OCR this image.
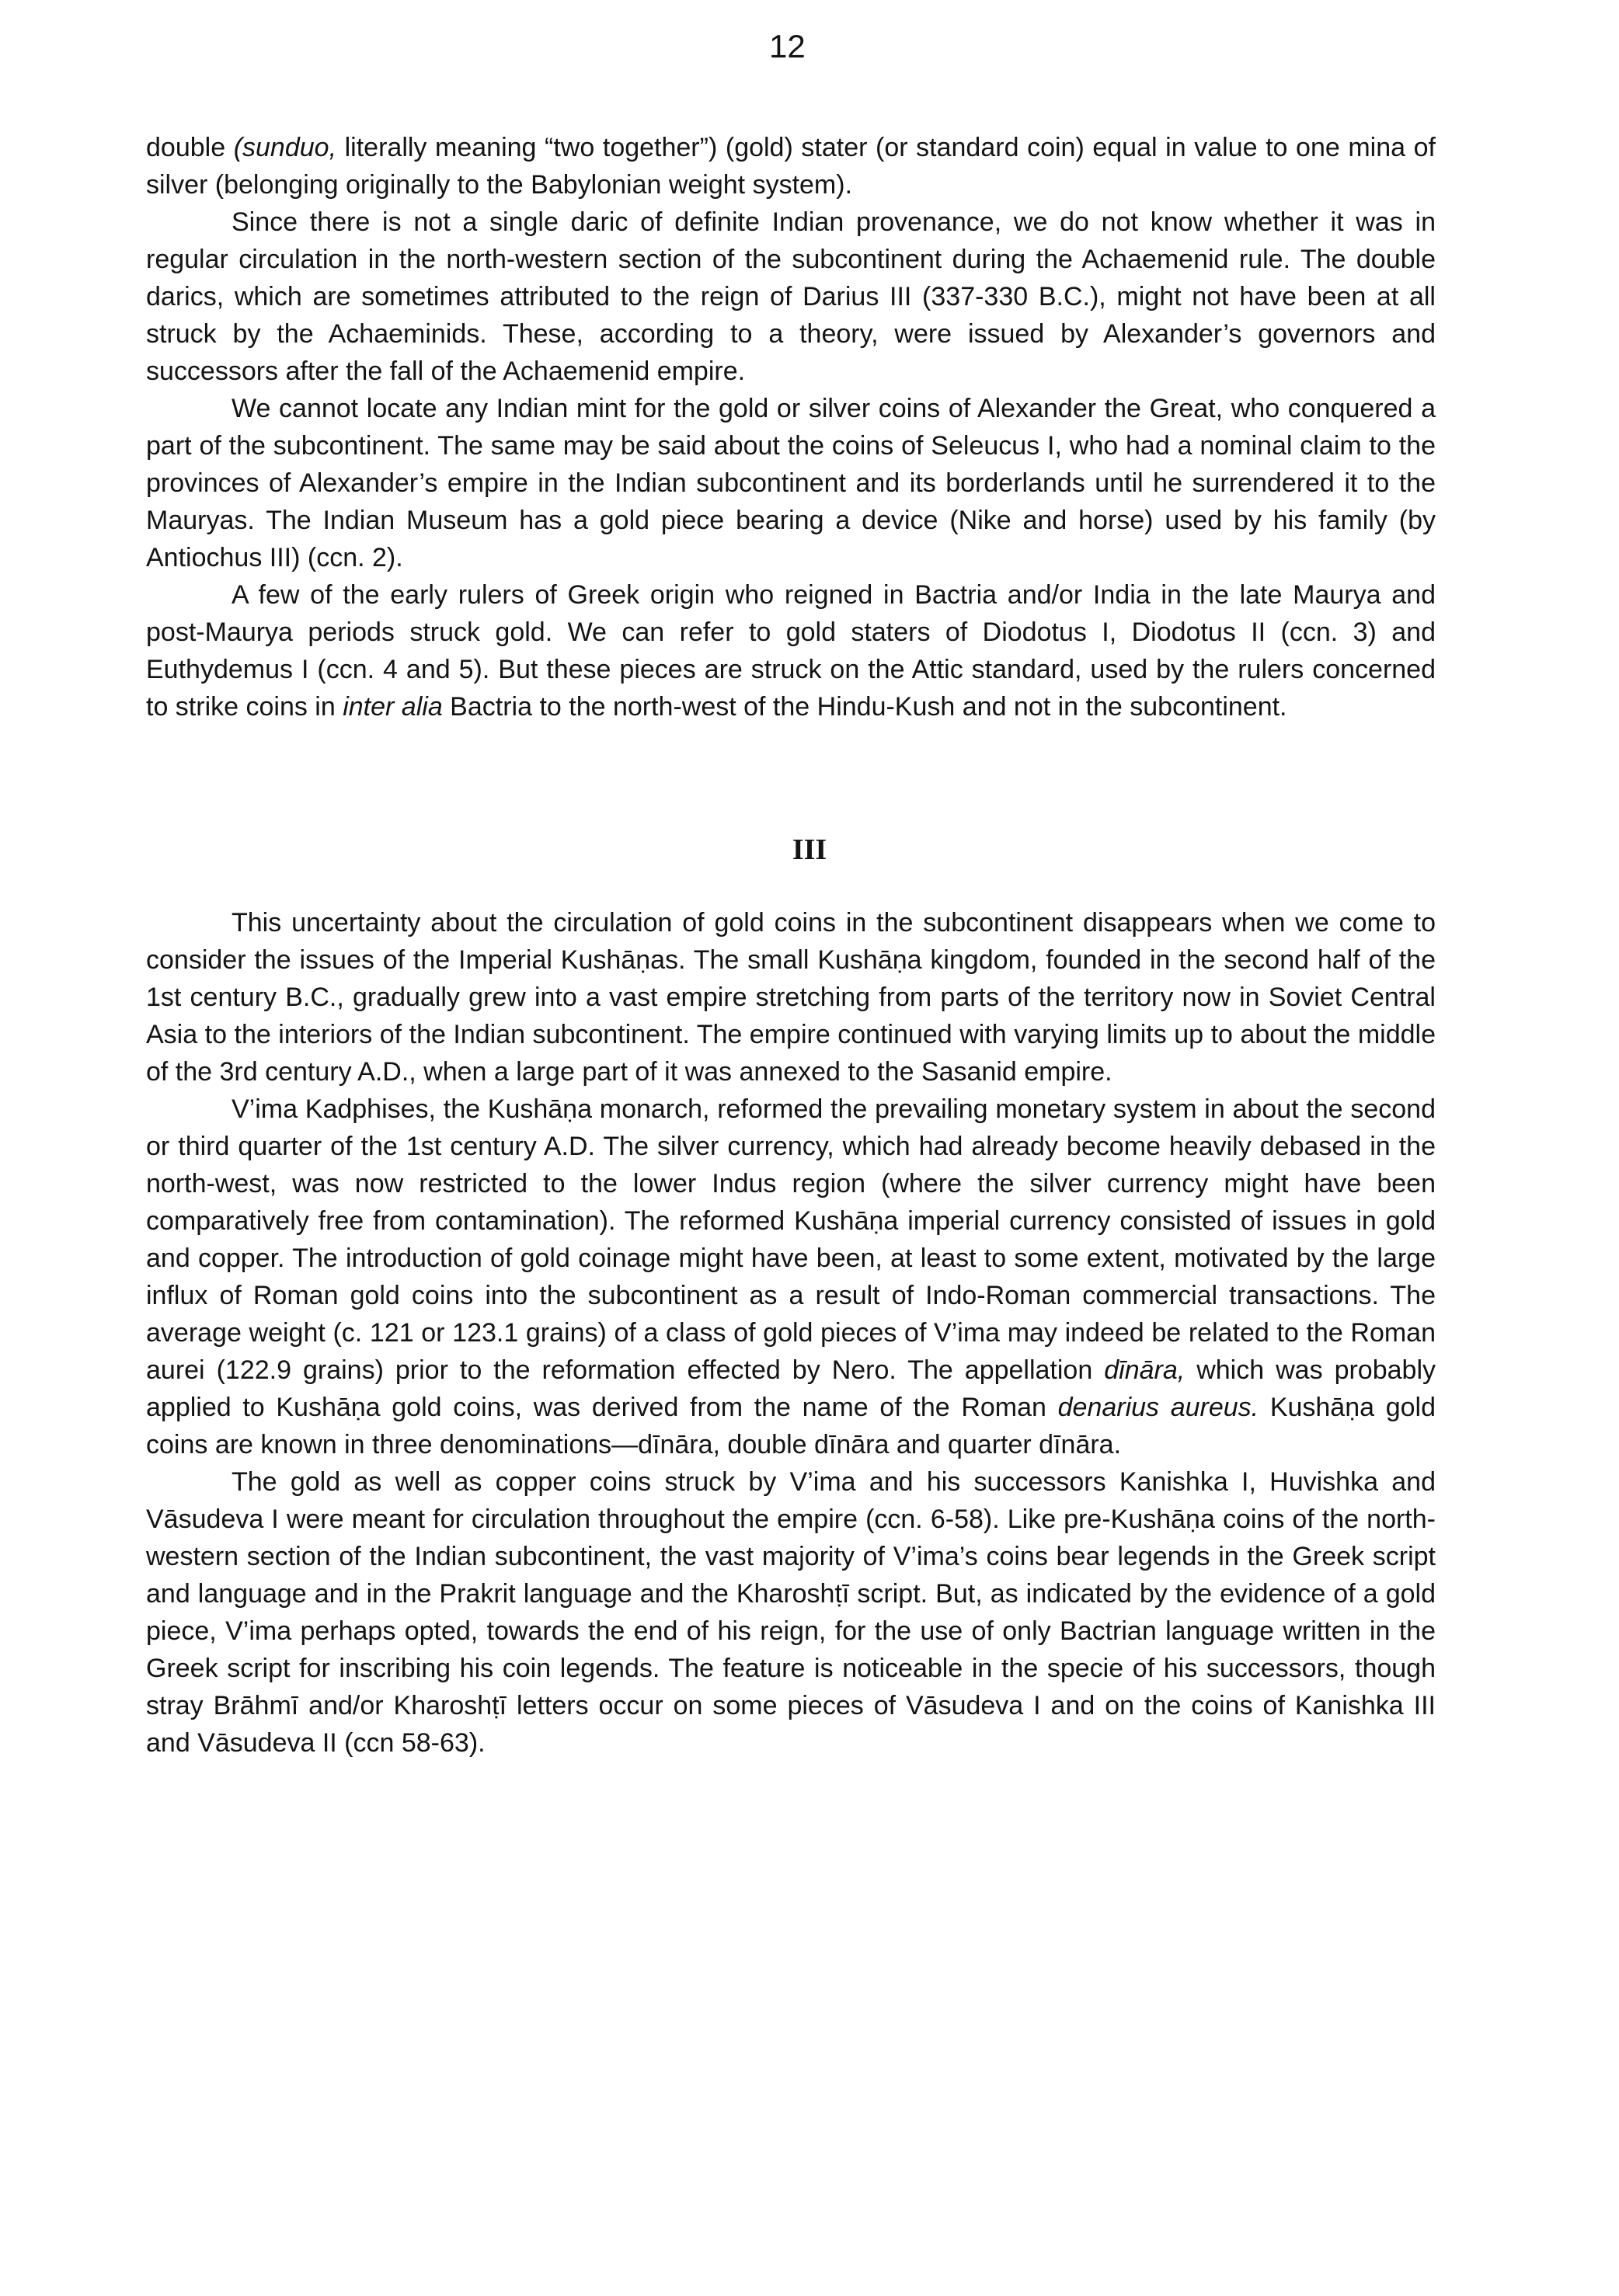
12

double (sunduo, literally meaning “two together”) (gold) stater (or standard coin) equal in value to one mina of silver (belonging originally to the Babylonian weight system).

Since there is not a single daric of definite Indian provenance, we do not know whether it was in regular circulation in the north-western section of the subcontinent during the Achaemenid rule. The double darics, which are sometimes attributed to the reign of Darius III (337-330 B.C.), might not have been at all struck by the Achaeminids. These, according to a theory, were issued by Alexander’s governors and successors after the fall of the Achaemenid empire.

We cannot locate any Indian mint for the gold or silver coins of Alexander the Great, who conquered a part of the subcontinent. The same may be said about the coins of Seleucus I, who had a nominal claim to the provinces of Alexander’s empire in the Indian subcontinent and its borderlands until he surrendered it to the Mauryas. The Indian Museum has a gold piece bearing a device (Nike and horse) used by his family (by Antiochus III) (ccn. 2).

A few of the early rulers of Greek origin who reigned in Bactria and/or India in the late Maurya and post-Maurya periods struck gold. We can refer to gold staters of Diodotus I, Diodotus II (ccn. 3) and Euthydemus I (ccn. 4 and 5). But these pieces are struck on the Attic standard, used by the rulers concerned to strike coins in inter alia Bactria to the north-west of the Hindu-Kush and not in the subcontinent.

III

This uncertainty about the circulation of gold coins in the subcontinent disappears when we come to consider the issues of the Imperial Kushāṇas. The small Kushāṇa kingdom, founded in the second half of the 1st century B.C., gradually grew into a vast empire stretching from parts of the territory now in Soviet Central Asia to the interiors of the Indian subcontinent. The empire continued with varying limits up to about the middle of the 3rd century A.D., when a large part of it was annexed to the Sasanid empire.

V’ima Kadphises, the Kushāṇa monarch, reformed the prevailing monetary system in about the second or third quarter of the 1st century A.D. The silver currency, which had already become heavily debased in the north-west, was now restricted to the lower Indus region (where the silver currency might have been comparatively free from contamination). The reformed Kushāṇa imperial currency consisted of issues in gold and copper. The introduction of gold coinage might have been, at least to some extent, motivated by the large influx of Roman gold coins into the subcontinent as a result of Indo-Roman commercial transactions. The average weight (c. 121 or 123.1 grains) of a class of gold pieces of V’ima may indeed be related to the Roman aurei (122.9 grains) prior to the reformation effected by Nero. The appellation dīnāra, which was probably applied to Kushāṇa gold coins, was derived from the name of the Roman denarius aureus. Kushāṇa gold coins are known in three denominations—dīnāra, double dīnāra and quarter dīnāra.

The gold as well as copper coins struck by V’ima and his successors Kanishka I, Huvishka and Vāsudeva I were meant for circulation throughout the empire (ccn. 6-58). Like pre-Kushāṇa coins of the north-western section of the Indian subcontinent, the vast majority of V’ima’s coins bear legends in the Greek script and language and in the Prakrit language and the Kharoshṭī script. But, as indicated by the evidence of a gold piece, V’ima perhaps opted, towards the end of his reign, for the use of only Bactrian language written in the Greek script for inscribing his coin legends. The feature is noticeable in the specie of his successors, though stray Brāhmī and/or Kharoshṭī letters occur on some pieces of Vāsudeva I and on the coins of Kanishka III and Vāsudeva II (ccn 58-63).
